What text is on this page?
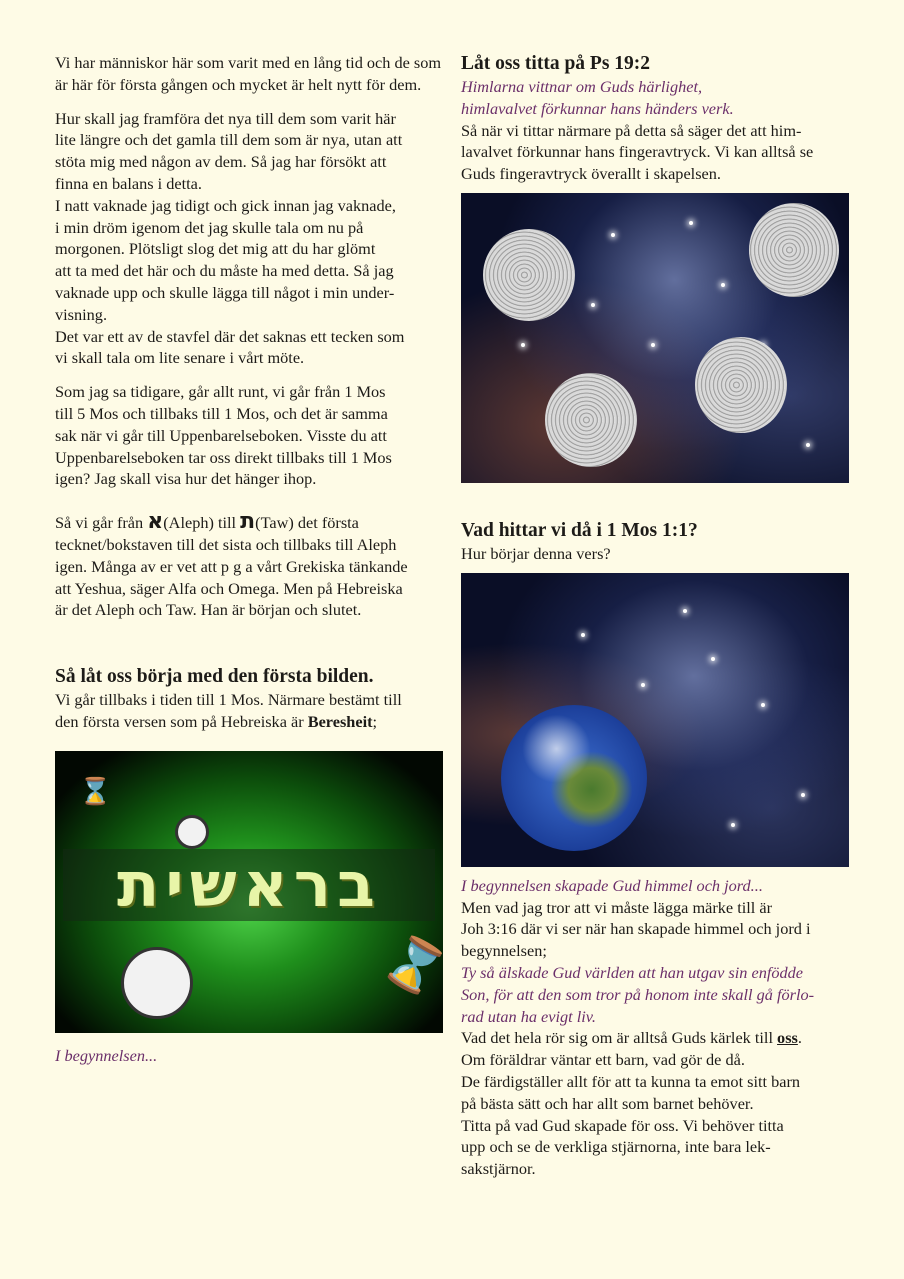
Vi har människor här som varit med en lång tid och de som är här för första gången och mycket är helt nytt för dem.

Hur skall jag framföra det nya till dem som varit här
lite längre och det gamla till dem som är nya, utan att
stöta mig med någon av dem. Så jag har försökt att
finna en balans i detta.
I natt vaknade jag tidigt och gick innan jag vaknade,
i min dröm igenom det jag skulle tala om nu på
morgonen. Plötsligt slog det mig att du har glömt
att ta med det här och du måste ha med detta. Så jag
vaknade upp och skulle lägga till något i min under-
visning.
Det var ett av de stavfel där det saknas ett tecken som
vi skall tala om lite senare i vårt möte.

Som jag sa tidigare, går allt runt, vi går från 1 Mos
till 5 Mos och tillbaks till 1 Mos, och det är samma
sak när vi går till Uppenbarelseboken. Visste du att
Uppenbarelseboken tar oss direkt tillbaks till 1 Mos
igen? Jag skall visa hur det hänger ihop.

Så vi går från א(Aleph) till ת(Taw) det första
tecknet/bokstaven till det sista och tillbaks till Aleph
igen. Många av er vet att p g a vårt Grekiska tänkande
att Yeshua, säger Alfa och Omega. Men på Hebreiska
är det Aleph och Taw. Han är början och slutet.

Så låt oss börja med den första bilden.

Vi går tillbaks i tiden till 1 Mos. Närmare bestämt till
den första versen som på Hebreiska är Beresheit;

⌛
בראשית
⌛

I begynnelsen...

Låt oss titta på Ps 19:2

Himlarna vittnar om Guds härlighet,
himlavalvet förkunnar hans händers verk.

Så när vi tittar närmare på detta så säger det att him-
lavalvet förkunnar hans fingeravtryck. Vi kan alltså se
Guds fingeravtryck överallt i skapelsen.

Vad hittar vi då i 1 Mos 1:1?

Hur börjar denna vers?

I begynnelsen skapade Gud himmel och jord...

Men vad jag tror att vi måste lägga märke till är
Joh 3:16 där vi ser när han skapade himmel och jord i
begynnelsen;

Ty så älskade Gud världen att han utgav sin enfödde
Son, för att den som tror på honom inte skall gå förlo-
rad utan ha evigt liv.

Vad det hela rör sig om är alltså Guds kärlek till oss.
Om föräldrar väntar ett barn, vad gör de då.
De färdigställer allt för att ta kunna ta emot sitt barn
på bästa sätt och har allt som barnet behöver.
Titta på vad Gud skapade för oss. Vi behöver titta
upp och se de verkliga stjärnorna, inte bara lek-
sakstjärnor.
